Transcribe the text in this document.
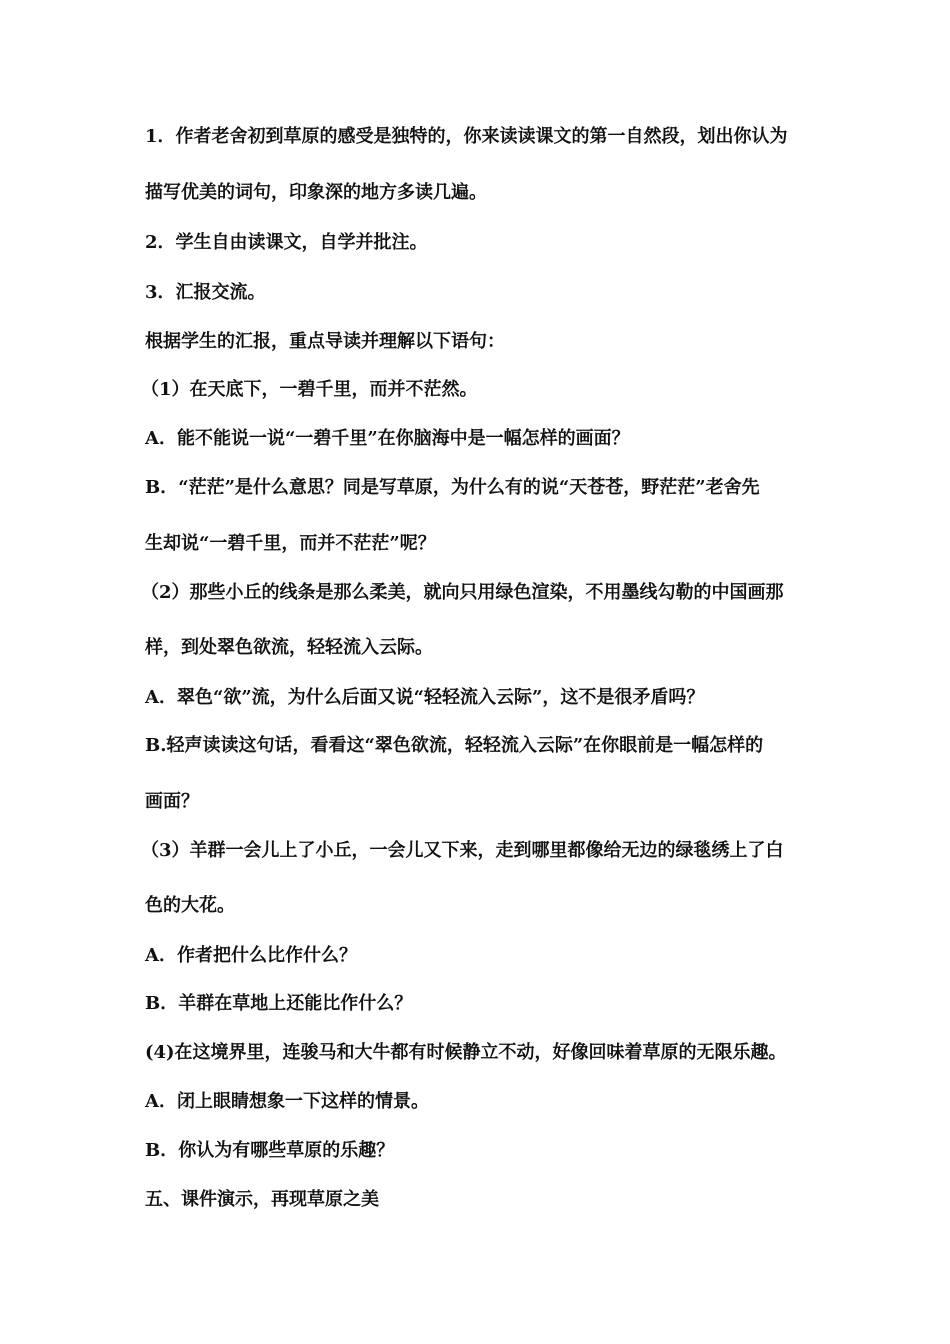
1．作者老舍初到草原的感受是独特的，你来读读课文的第一自然段，划出你认为
描写优美的词句，印象深的地方多读几遍。
2．学生自由读课文，自学并批注。
3．汇报交流。
根据学生的汇报，重点导读并理解以下语句：
（1）在天底下，一碧千里，而并不茫然。
A．能不能说一说“一碧千里”在你脑海中是一幅怎样的画面？
B．“茫茫”是什么意思？同是写草原，为什么有的说“天苍苍，野茫茫”老舍先
生却说“一碧千里，而并不茫茫”呢？
（2）那些小丘的线条是那么柔美，就向只用绿色渲染，不用墨线勾勒的中国画那
样，到处翠色欲流，轻轻流入云际。
A．翠色“欲”流，为什么后面又说“轻轻流入云际”，这不是很矛盾吗？
B.轻声读读这句话，看看这“翠色欲流，轻轻流入云际”在你眼前是一幅怎样的
画面？
（3）羊群一会儿上了小丘，一会儿又下来，走到哪里都像给无边的绿毯绣上了白
色的大花。
A．作者把什么比作什么？
B．羊群在草地上还能比作什么？
(4)在这境界里，连骏马和大牛都有时候静立不动，好像回味着草原的无限乐趣。
A．闭上眼睛想象一下这样的情景。
B．你认为有哪些草原的乐趣？
五、课件演示，再现草原之美
